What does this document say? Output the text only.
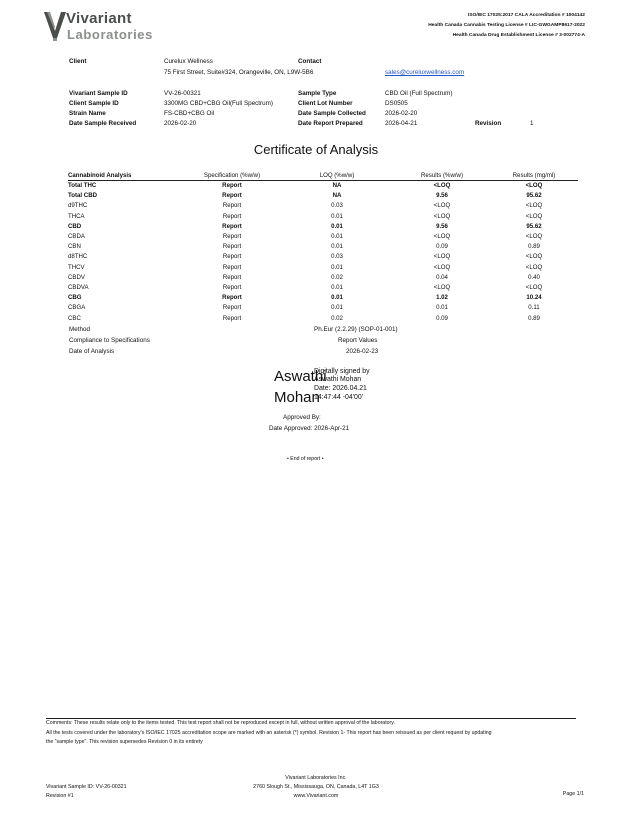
Vivariant
Laboratories
ISO/IEC 17025:2017 CALA Accreditation # 1004142
Health Canada Cannabis Testing License # LIC-GWGAMP8617-2022
Health Canada Drug Establishment License # 3-002774-A
Client	Curelux Wellness
75 First Street, Suite#324, Orangeville, ON, L9W-5B6
Contact
sales@cureluxwellness.com
Vivariant Sample ID	VV-26-00321
Client Sample ID	3300MG CBD+CBG Oil(Full Spectrum)
Strain Name	FS-CBD+CBG Oil
Date Sample Received	2026-02-20
Sample Type	CBD Oil (Full Spectrum)
Client Lot Number	DS0505
Date Sample Collected	2026-02-20
Date Report Prepared	2026-04-21	Revision	1
Certificate of Analysis
Cannabinoid Analysis	Specification (%w/w)	LOQ (%w/w)	Results (%w/w)	Results (mg/ml)
Total THC	Report	NA	<LOQ	<LOQ
Total CBD	Report	NA	9.56	95.62
d9THC	Report	0.03	<LOQ	<LOQ
THCA	Report	0.01	<LOQ	<LOQ
CBD	Report	0.01	9.56	95.62
CBDA	Report	0.01	<LOQ	<LOQ
CBN	Report	0.01	0.09	0.89
d8THC	Report	0.03	<LOQ	<LOQ
THCV	Report	0.01	<LOQ	<LOQ
CBDV	Report	0.02	0.04	0.40
CBDVA	Report	0.01	<LOQ	<LOQ
CBG	Report	0.01	1.02	10.24
CBGA	Report	0.01	0.01	0.11
CBC	Report	0.02	0.09	0.89
Method	Ph.Eur (2.2.29) (SOP-01-001)
Compliance to Specifications	Report Values
Date of Analysis	2026-02-23
Aswathi
Mohan
Digitally signed by
Aswathi Mohan
Date: 2026.04.21
14:47:44 -04'00'
Approved By:
Date Approved: 2026-Apr-21
• End of report •
Comments: These results relate only to the items tested. This test report shall not be reproduced except in full, without written approval of the laboratory.
All the tests covered under the laboratory's ISO/IEC 17025 accreditation scope are marked with an asterisk (*) symbol. Revision 1- This report has been reissued as per client request by updating
the "sample type". This revision supersedes Revision 0 in its entirety
Vivariant Sample ID: VV-26-00321
Revision #1
Vivariant Laboratories Inc.
2760 Slough St., Mississauga, ON, Canada, L4T 1G3
www.Vivariant.com	Page 1/1
